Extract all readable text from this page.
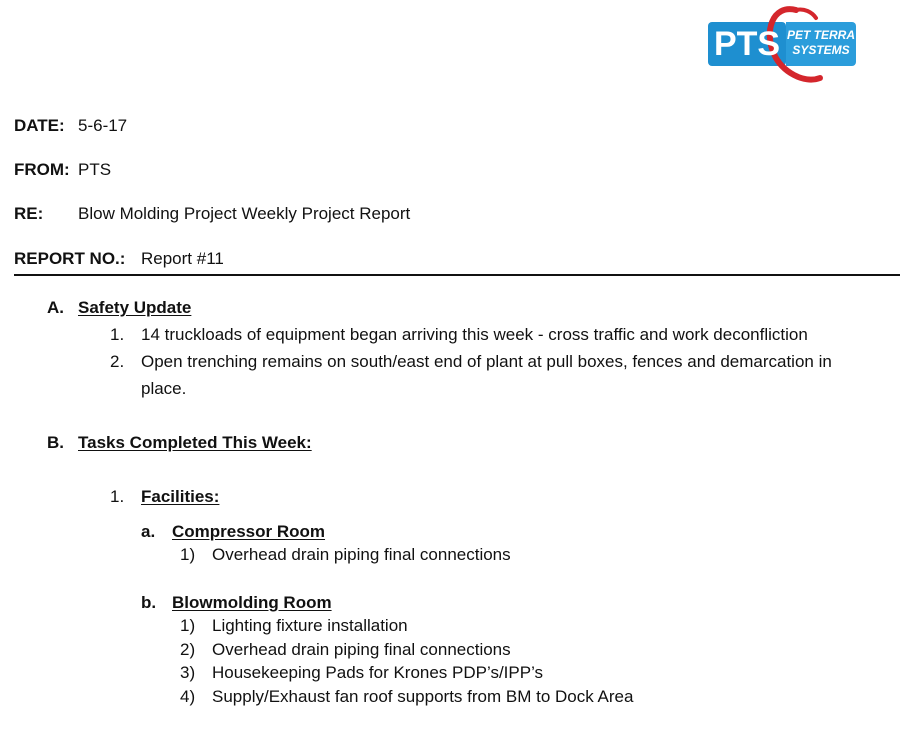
PTS PET TERRA
SYSTEMS
DATE: 5-6-17
FROM: PTS
RE: Blow Molding Project Weekly Project Report
REPORT NO.: Report #11
A. Safety Update
1. 14 truckloads of equipment began arriving this week - cross traffic and work deconfliction
2. Open trenching remains on south/east end of plant at pull boxes, fences and demarcation in
place.
B. Tasks Completed This Week:
1. Facilities:
a. Compressor Room
1) Overhead drain piping final connections
b. Blowmolding Room
1) Lighting fixture installation
2) Overhead drain piping final connections
3) Housekeeping Pads for Krones PDP’s/IPP’s
4) Supply/Exhaust fan roof supports from BM to Dock Area
